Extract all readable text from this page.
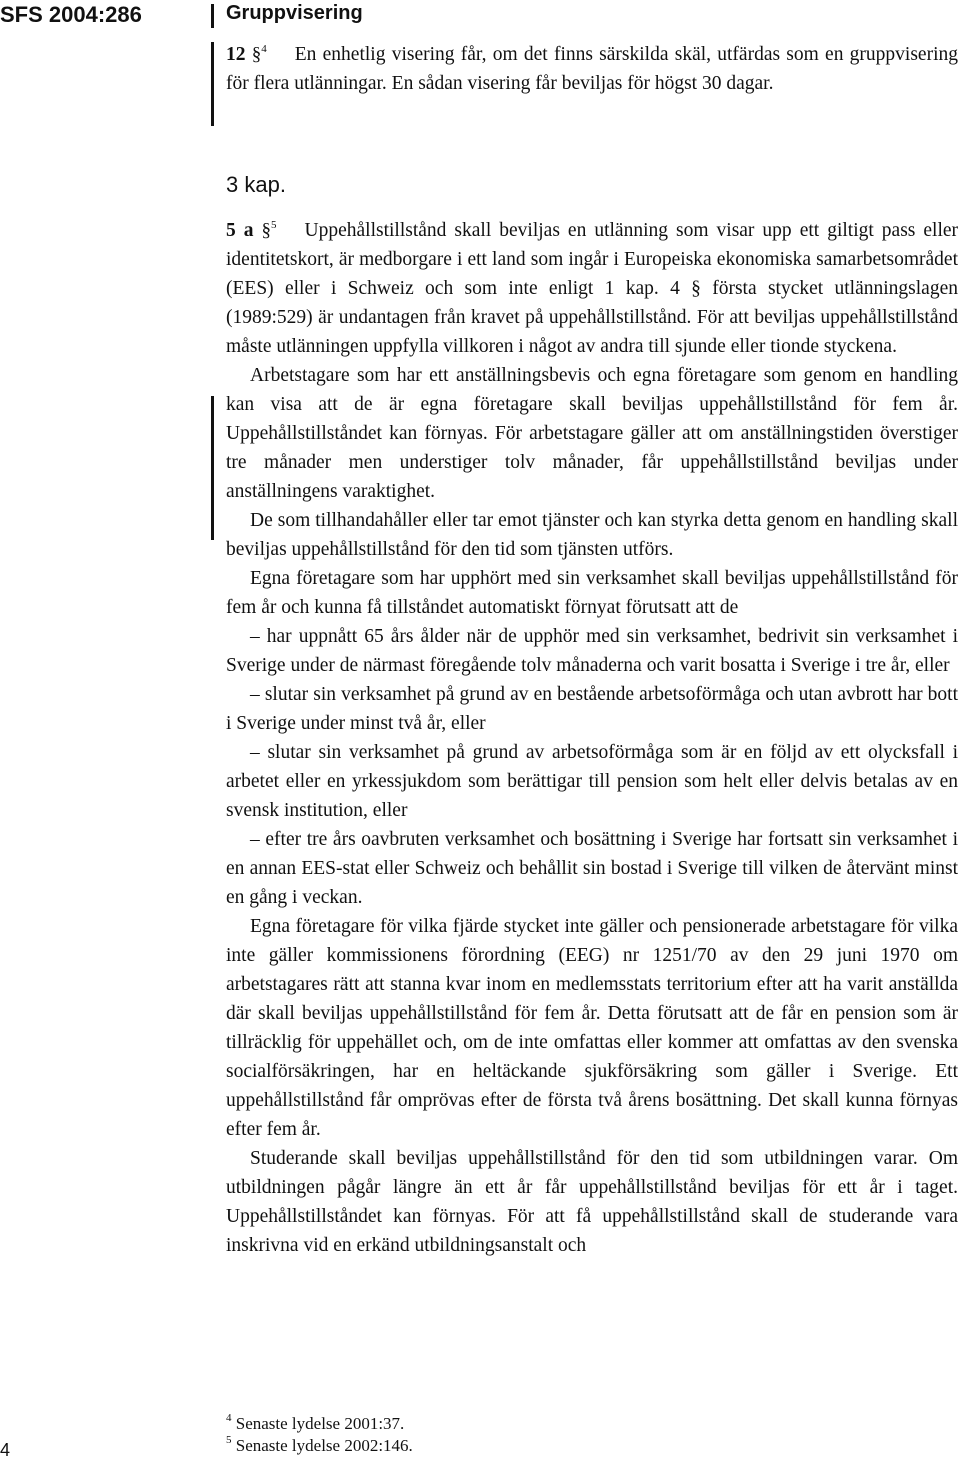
SFS 2004:286	Gruppvisering

12 §$^4$ En enhetlig visering får, om det finns särskilda skäl, utfärdas som en gruppvisering för flera utlänningar. En sådan visering får beviljas för högst 30 dagar.

3 kap.

5 a §$^5$ Uppehållstillstånd skall beviljas en utlänning som visar upp ett giltigt pass eller identitetskort, är medborgare i ett land som ingår i Europeiska ekonomiska samarbetsområdet (EES) eller i Schweiz och som inte enligt 1 kap. 4 § första stycket utlänningslagen (1989:529) är undantagen från kravet på uppehållstillstånd. För att beviljas uppehållstillstånd måste utlänningen uppfylla villkoren i något av andra till sjunde eller tionde styckena.

Arbetstagare som har ett anställningsbevis och egna företagare som genom en handling kan visa att de är egna företagare skall beviljas uppehållstillstånd för fem år. Uppehållstillståndet kan förnyas. För arbetstagare gäller att om anställningstiden överstiger tre månader men understiger tolv månader, får uppehållstillstånd beviljas under anställningens varaktighet.

De som tillhandahåller eller tar emot tjänster och kan styrka detta genom en handling skall beviljas uppehållstillstånd för den tid som tjänsten utförs.

Egna företagare som har upphört med sin verksamhet skall beviljas uppehållstillstånd för fem år och kunna få tillståndet automatiskt förnyat förutsatt att de

– har uppnått 65 års ålder när de upphör med sin verksamhet, bedrivit sin verksamhet i Sverige under de närmast föregående tolv månaderna och varit bosatta i Sverige i tre år, eller

– slutar sin verksamhet på grund av en bestående arbetsoförmåga och utan avbrott har bott i Sverige under minst två år, eller

– slutar sin verksamhet på grund av arbetsoförmåga som är en följd av ett olycksfall i arbetet eller en yrkessjukdom som berättigar till pension som helt eller delvis betalas av en svensk institution, eller

– efter tre års oavbruten verksamhet och bosättning i Sverige har fortsatt sin verksamhet i en annan EES-stat eller Schweiz och behållit sin bostad i Sverige till vilken de återvänt minst en gång i veckan.

Egna företagare för vilka fjärde stycket inte gäller och pensionerade arbetstagare för vilka inte gäller kommissionens förordning (EEG) nr 1251/70 av den 29 juni 1970 om arbetstagares rätt att stanna kvar inom en medlemsstats territorium efter att ha varit anställda där skall beviljas uppehållstillstånd för fem år. Detta förutsatt att de får en pension som är tillräcklig för uppehället och, om de inte omfattas eller kommer att omfattas av den svenska socialförsäkringen, har en heltäckande sjukförsäkring som gäller i Sverige. Ett uppehållstillstånd får omprövas efter de första två årens bosättning. Det skall kunna förnyas efter fem år.

Studerande skall beviljas uppehållstillstånd för den tid som utbildningen varar. Om utbildningen pågår längre än ett år får uppehållstillstånd beviljas för ett år i taget. Uppehållstillståndet kan förnyas. För att få uppehållstillstånd skall de studerande vara inskrivna vid en erkänd utbildningsanstalt och

$^4$ Senaste lydelse 2001:37.
$^5$ Senaste lydelse 2002:146.
4
